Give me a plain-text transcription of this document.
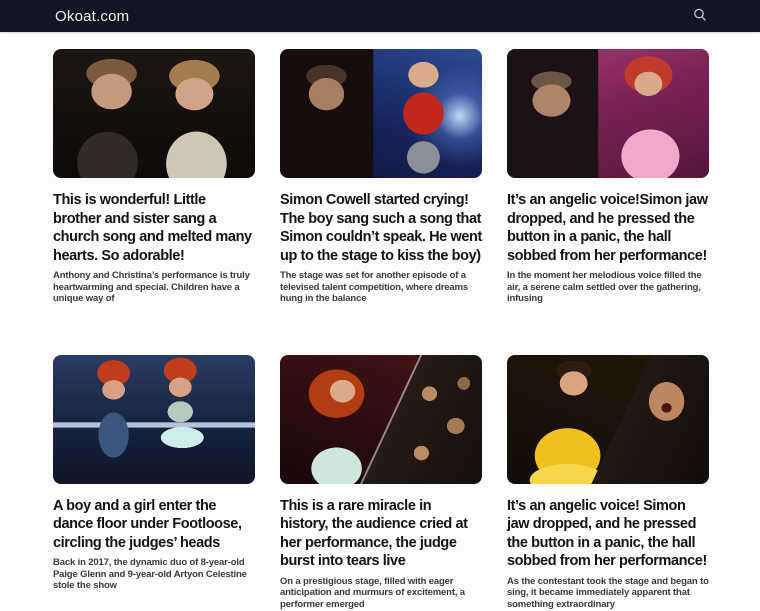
Okoat.com
This is wonderful! Little brother and sister sang a church song and melted many hearts. So adorable!

Anthony and Christina’s performance is truly heartwarming and special. Children have a unique way of

Simon Cowell started crying! The boy sang such a song that Simon couldn’t speak. He went up to the stage to kiss the boy)

The stage was set for another episode of a televised talent competition, where dreams hung in the balance

It’s an angelic voice!Simon jaw dropped, and he pressed the button in a panic, the hall sobbed from her performance!

In the moment her melodious voice filled the air, a serene calm settled over the gathering, infusing

A boy and a girl enter the dance floor under Footloose, circling the judges’ heads

Back in 2017, the dynamic duo of 8-year-old Paige Glenn and 9-year-old Artyon Celestine stole the show

This is a rare miracle in history, the audience cried at her performance, the judge burst into tears live

On a prestigious stage, filled with eager anticipation and murmurs of excitement, a performer emerged

It’s an angelic voice! Simon jaw dropped, and he pressed the button in a panic, the hall sobbed from her performance!

As the contestant took the stage and began to sing, it became immediately apparent that something extraordinary
